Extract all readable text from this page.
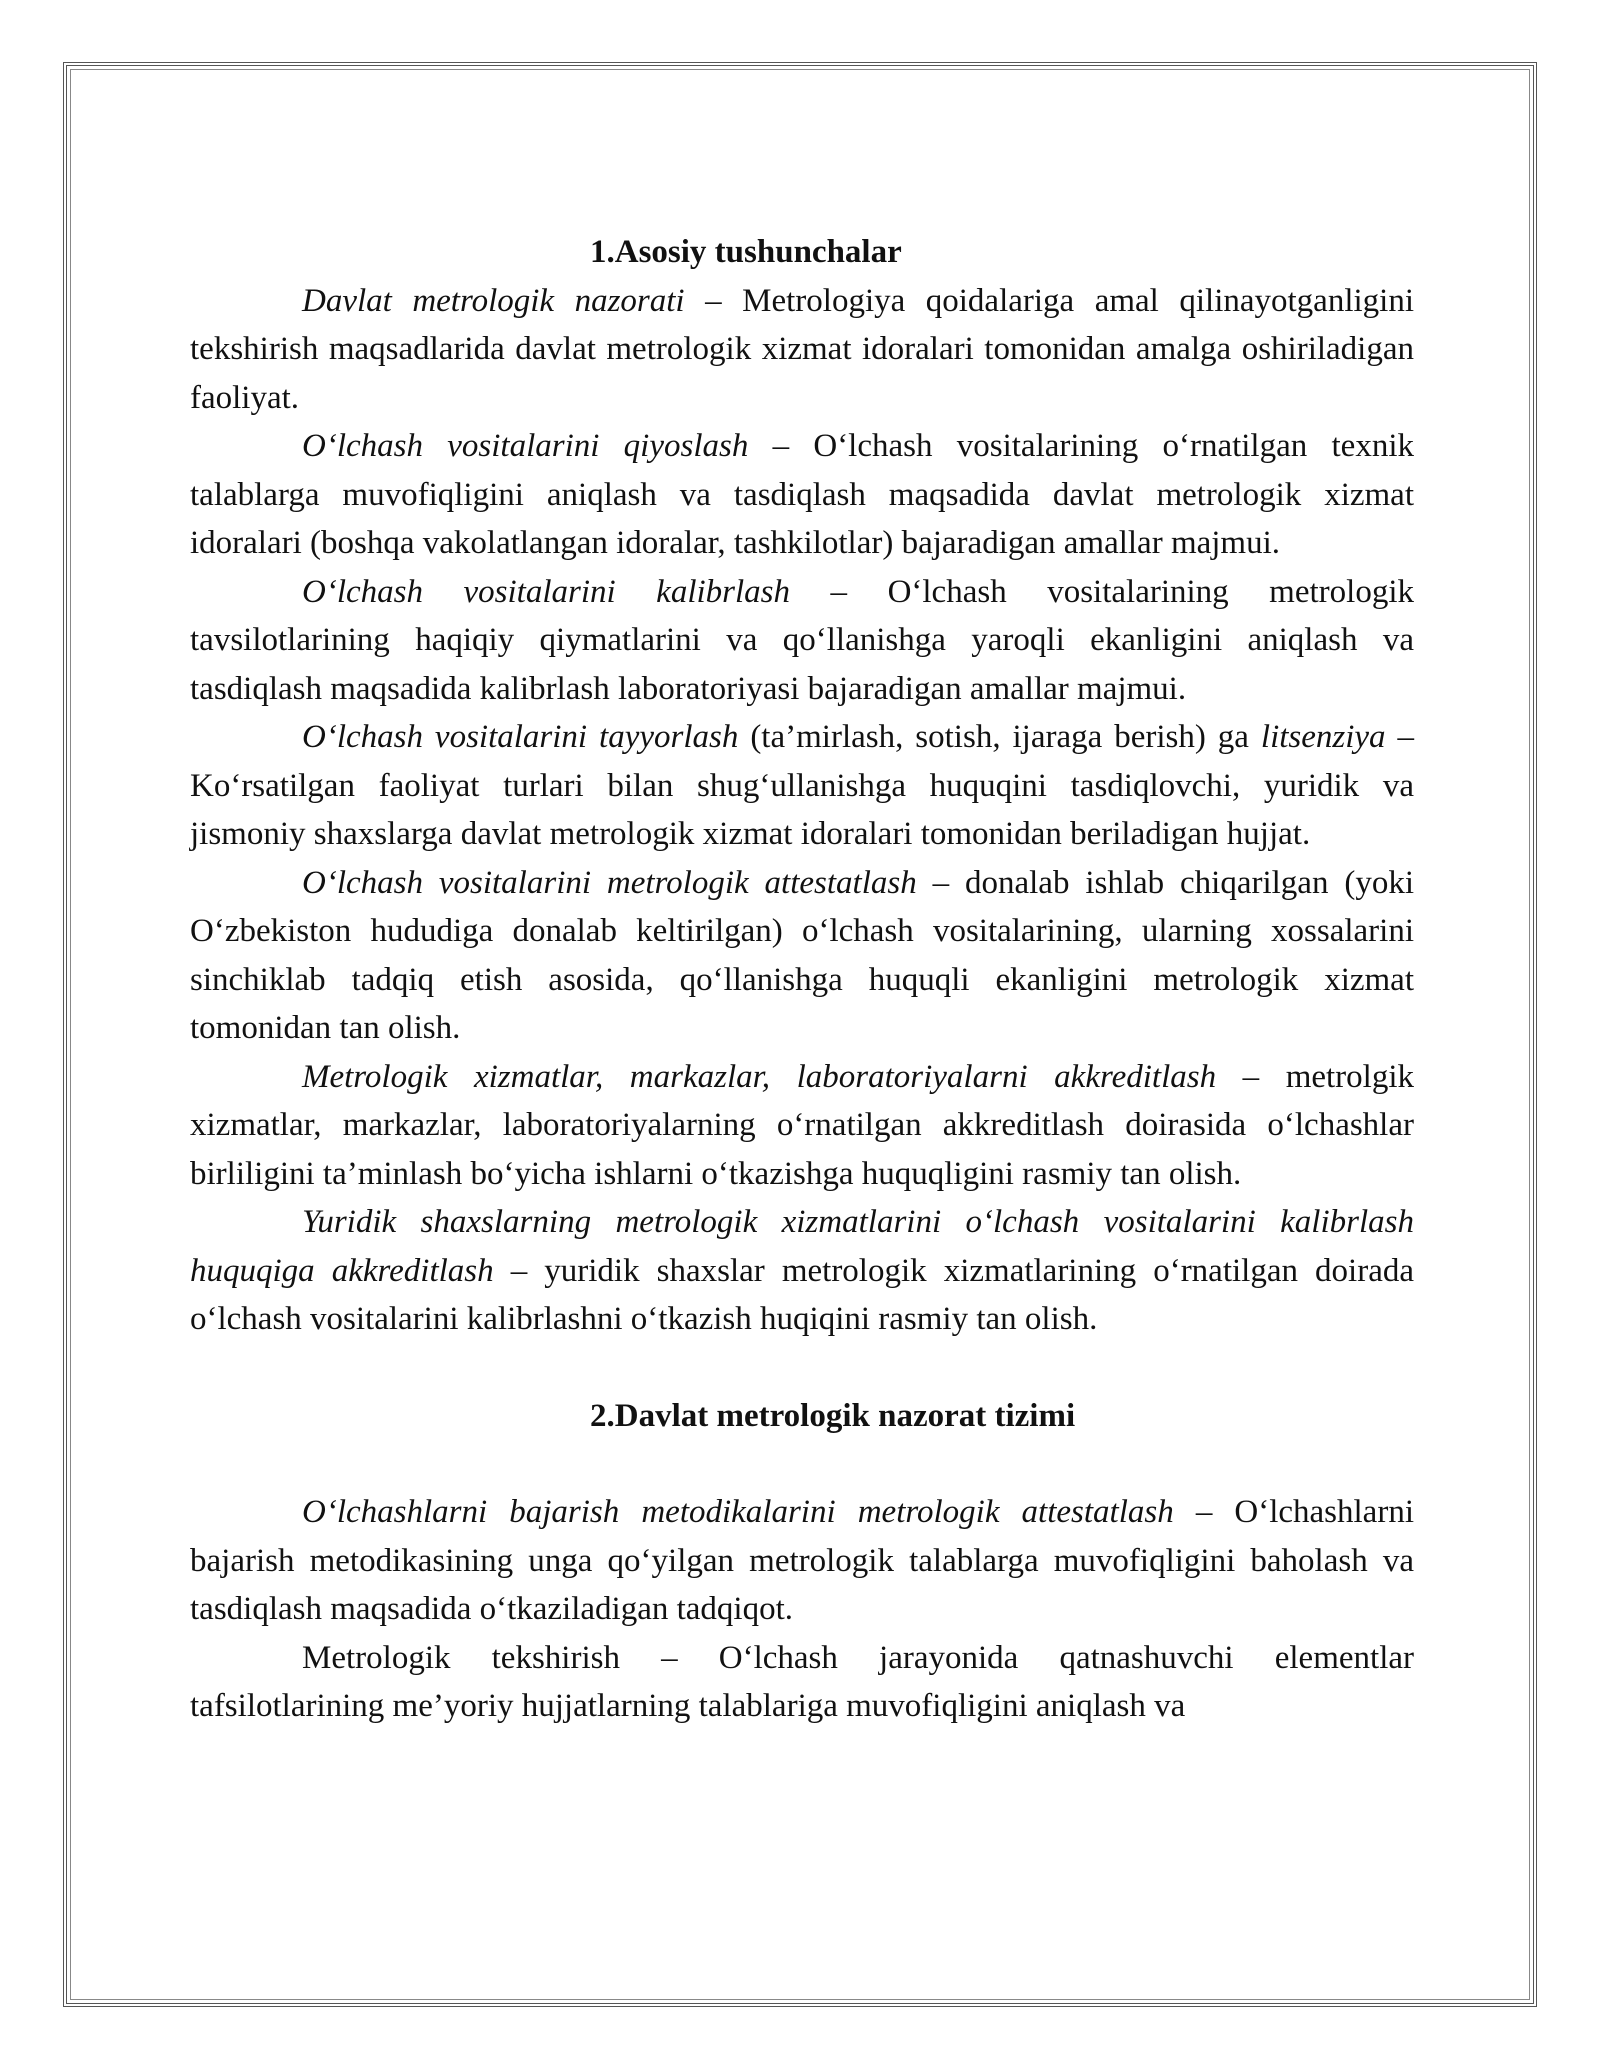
1.Asosiy tushunchalar

Davlat metrologik nazorati – Metrologiya qoidalariga amal qilinayotganligini tekshirish maqsadlarida davlat metrologik xizmat idoralari tomonidan amalga oshiriladigan faoliyat.

O‘lchash vositalarini qiyoslash – O‘lchash vositalarining o‘rnatilgan texnik talablarga muvofiqligini aniqlash va tasdiqlash maqsadida davlat metrologik xizmat idoralari (boshqa vakolatlangan idoralar, tashkilotlar) bajaradigan amallar majmui.

O‘lchash vositalarini kalibrlash – O‘lchash vositalarining metrologik tavsilotlarining haqiqiy qiymatlarini va qo‘llanishga yaroqli ekanligini aniqlash va tasdiqlash maqsadida kalibrlash laboratoriyasi bajaradigan amallar majmui.

O‘lchash vositalarini tayyorlash (ta’mirlash, sotish, ijaraga berish) ga litsenziya – Ko‘rsatilgan faoliyat turlari bilan shug‘ullanishga huquqini tasdiqlovchi, yuridik va jismoniy shaxslarga davlat metrologik xizmat idoralari tomonidan beriladigan hujjat.

O‘lchash vositalarini metrologik attestatlash – donalab ishlab chiqarilgan (yoki O‘zbekiston hududiga donalab keltirilgan) o‘lchash vositalarining, ularning xossalarini sinchiklab tadqiq etish asosida, qo‘llanishga huquqli ekanligini metrologik xizmat tomonidan tan olish.

Metrologik xizmatlar, markazlar, laboratoriyalarni akkreditlash – metrolgik xizmatlar, markazlar, laboratoriyalarning o‘rnatilgan akkreditlash doirasida o‘lchashlar birliligini ta’minlash bo‘yicha ishlarni o‘tkazishga huquqligini rasmiy tan olish.

Yuridik shaxslarning metrologik xizmatlarini o‘lchash vositalarini kalibrlash huquqiga akkreditlash – yuridik shaxslar metrologik xizmatlarining o‘rnatilgan doirada o‘lchash vositalarini kalibrlashni o‘tkazish huqiqini rasmiy tan olish.

2.Davlat metrologik nazorat tizimi

O‘lchashlarni bajarish metodikalarini metrologik attestatlash – O‘lchashlarni bajarish metodikasining unga qo‘yilgan metrologik talablarga muvofiqligini baholash va tasdiqlash maqsadida o‘tkaziladigan tadqiqot.

Metrologik tekshirish – O‘lchash jarayonida qatnashuvchi elementlar tafsilotlarining me’yoriy hujjatlarning talablariga muvofiqligini aniqlash va
